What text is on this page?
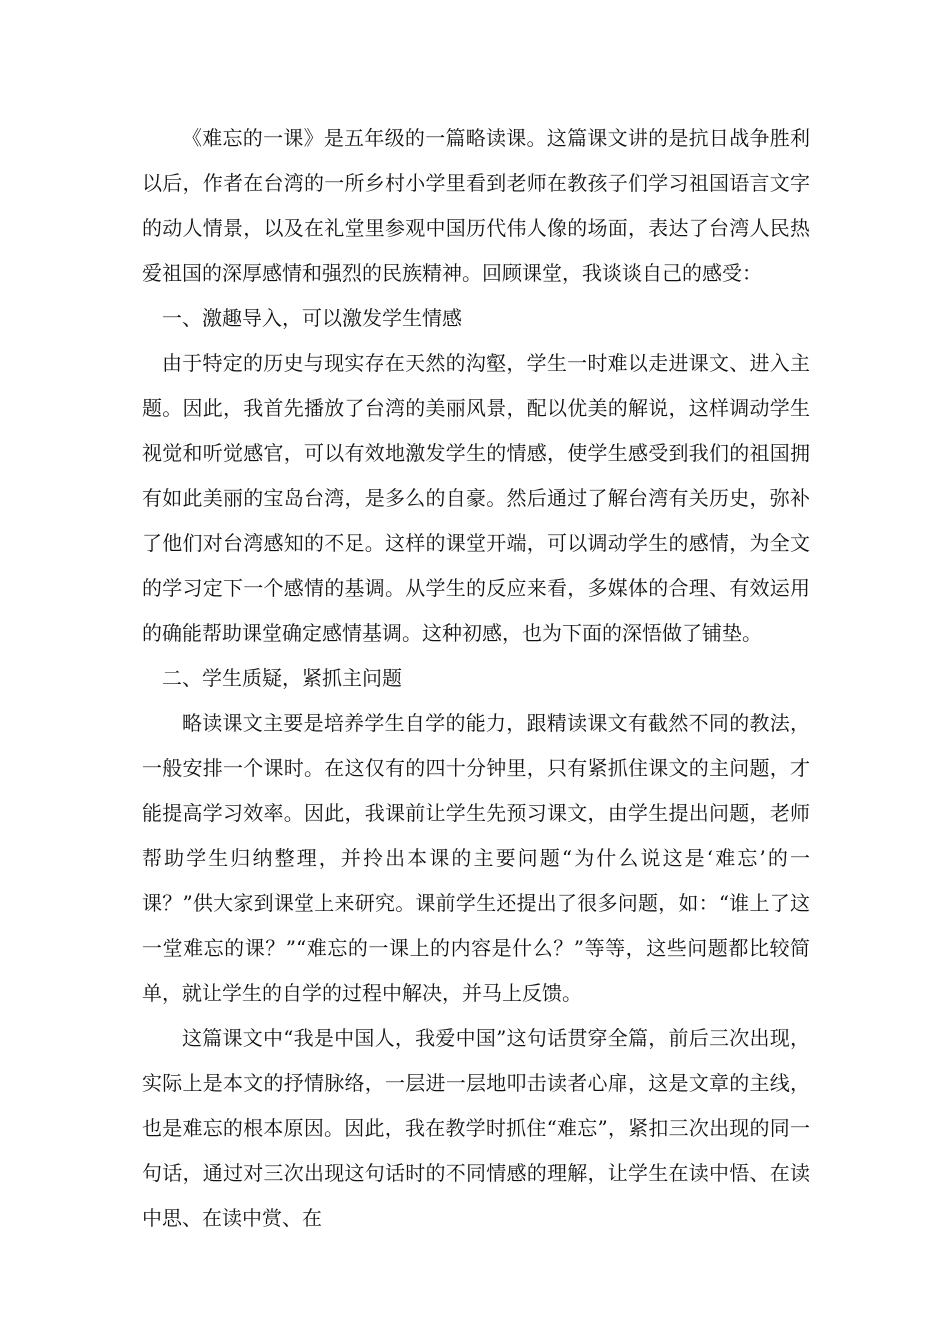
《难忘的一课》是五年级的一篇略读课。这篇课文讲的是抗日战争胜利以后，作者在台湾的一所乡村小学里看到老师在教孩子们学习祖国语言文字的动人情景，以及在礼堂里参观中国历代伟人像的场面，表达了台湾人民热爱祖国的深厚感情和强烈的民族精神。回顾课堂，我谈谈自己的感受：

一、激趣导入，可以激发学生情感

由于特定的历史与现实存在天然的沟壑，学生一时难以走进课文、进入主题。因此，我首先播放了台湾的美丽风景，配以优美的解说，这样调动学生视觉和听觉感官，可以有效地激发学生的情感，使学生感受到我们的祖国拥有如此美丽的宝岛台湾，是多么的自豪。然后通过了解台湾有关历史，弥补了他们对台湾感知的不足。这样的课堂开端，可以调动学生的感情，为全文的学习定下一个感情的基调。从学生的反应来看，多媒体的合理、有效运用的确能帮助课堂确定感情基调。这种初感，也为下面的深悟做了铺垫。

二、学生质疑，紧抓主问题

略读课文主要是培养学生自学的能力，跟精读课文有截然不同的教法，一般安排一个课时。在这仅有的四十分钟里，只有紧抓住课文的主问题，才能提高学习效率。因此，我课前让学生先预习课文，由学生提出问题，老师帮助学生归纳整理，并拎出本课的主要问题“为什么说这是‘难忘’的一课？”供大家到课堂上来研究。课前学生还提出了很多问题，如：“谁上了这一堂难忘的课？”“难忘的一课上的内容是什么？”等等，这些问题都比较简单，就让学生的自学的过程中解决，并马上反馈。

这篇课文中“我是中国人，我爱中国”这句话贯穿全篇，前后三次出现，实际上是本文的抒情脉络，一层进一层地叩击读者心扉，这是文章的主线，也是难忘的根本原因。因此，我在教学时抓住“难忘”，紧扣三次出现的同一句话，通过对三次出现这句话时的不同情感的理解，让学生在读中悟、在读中思、在读中赏、在
